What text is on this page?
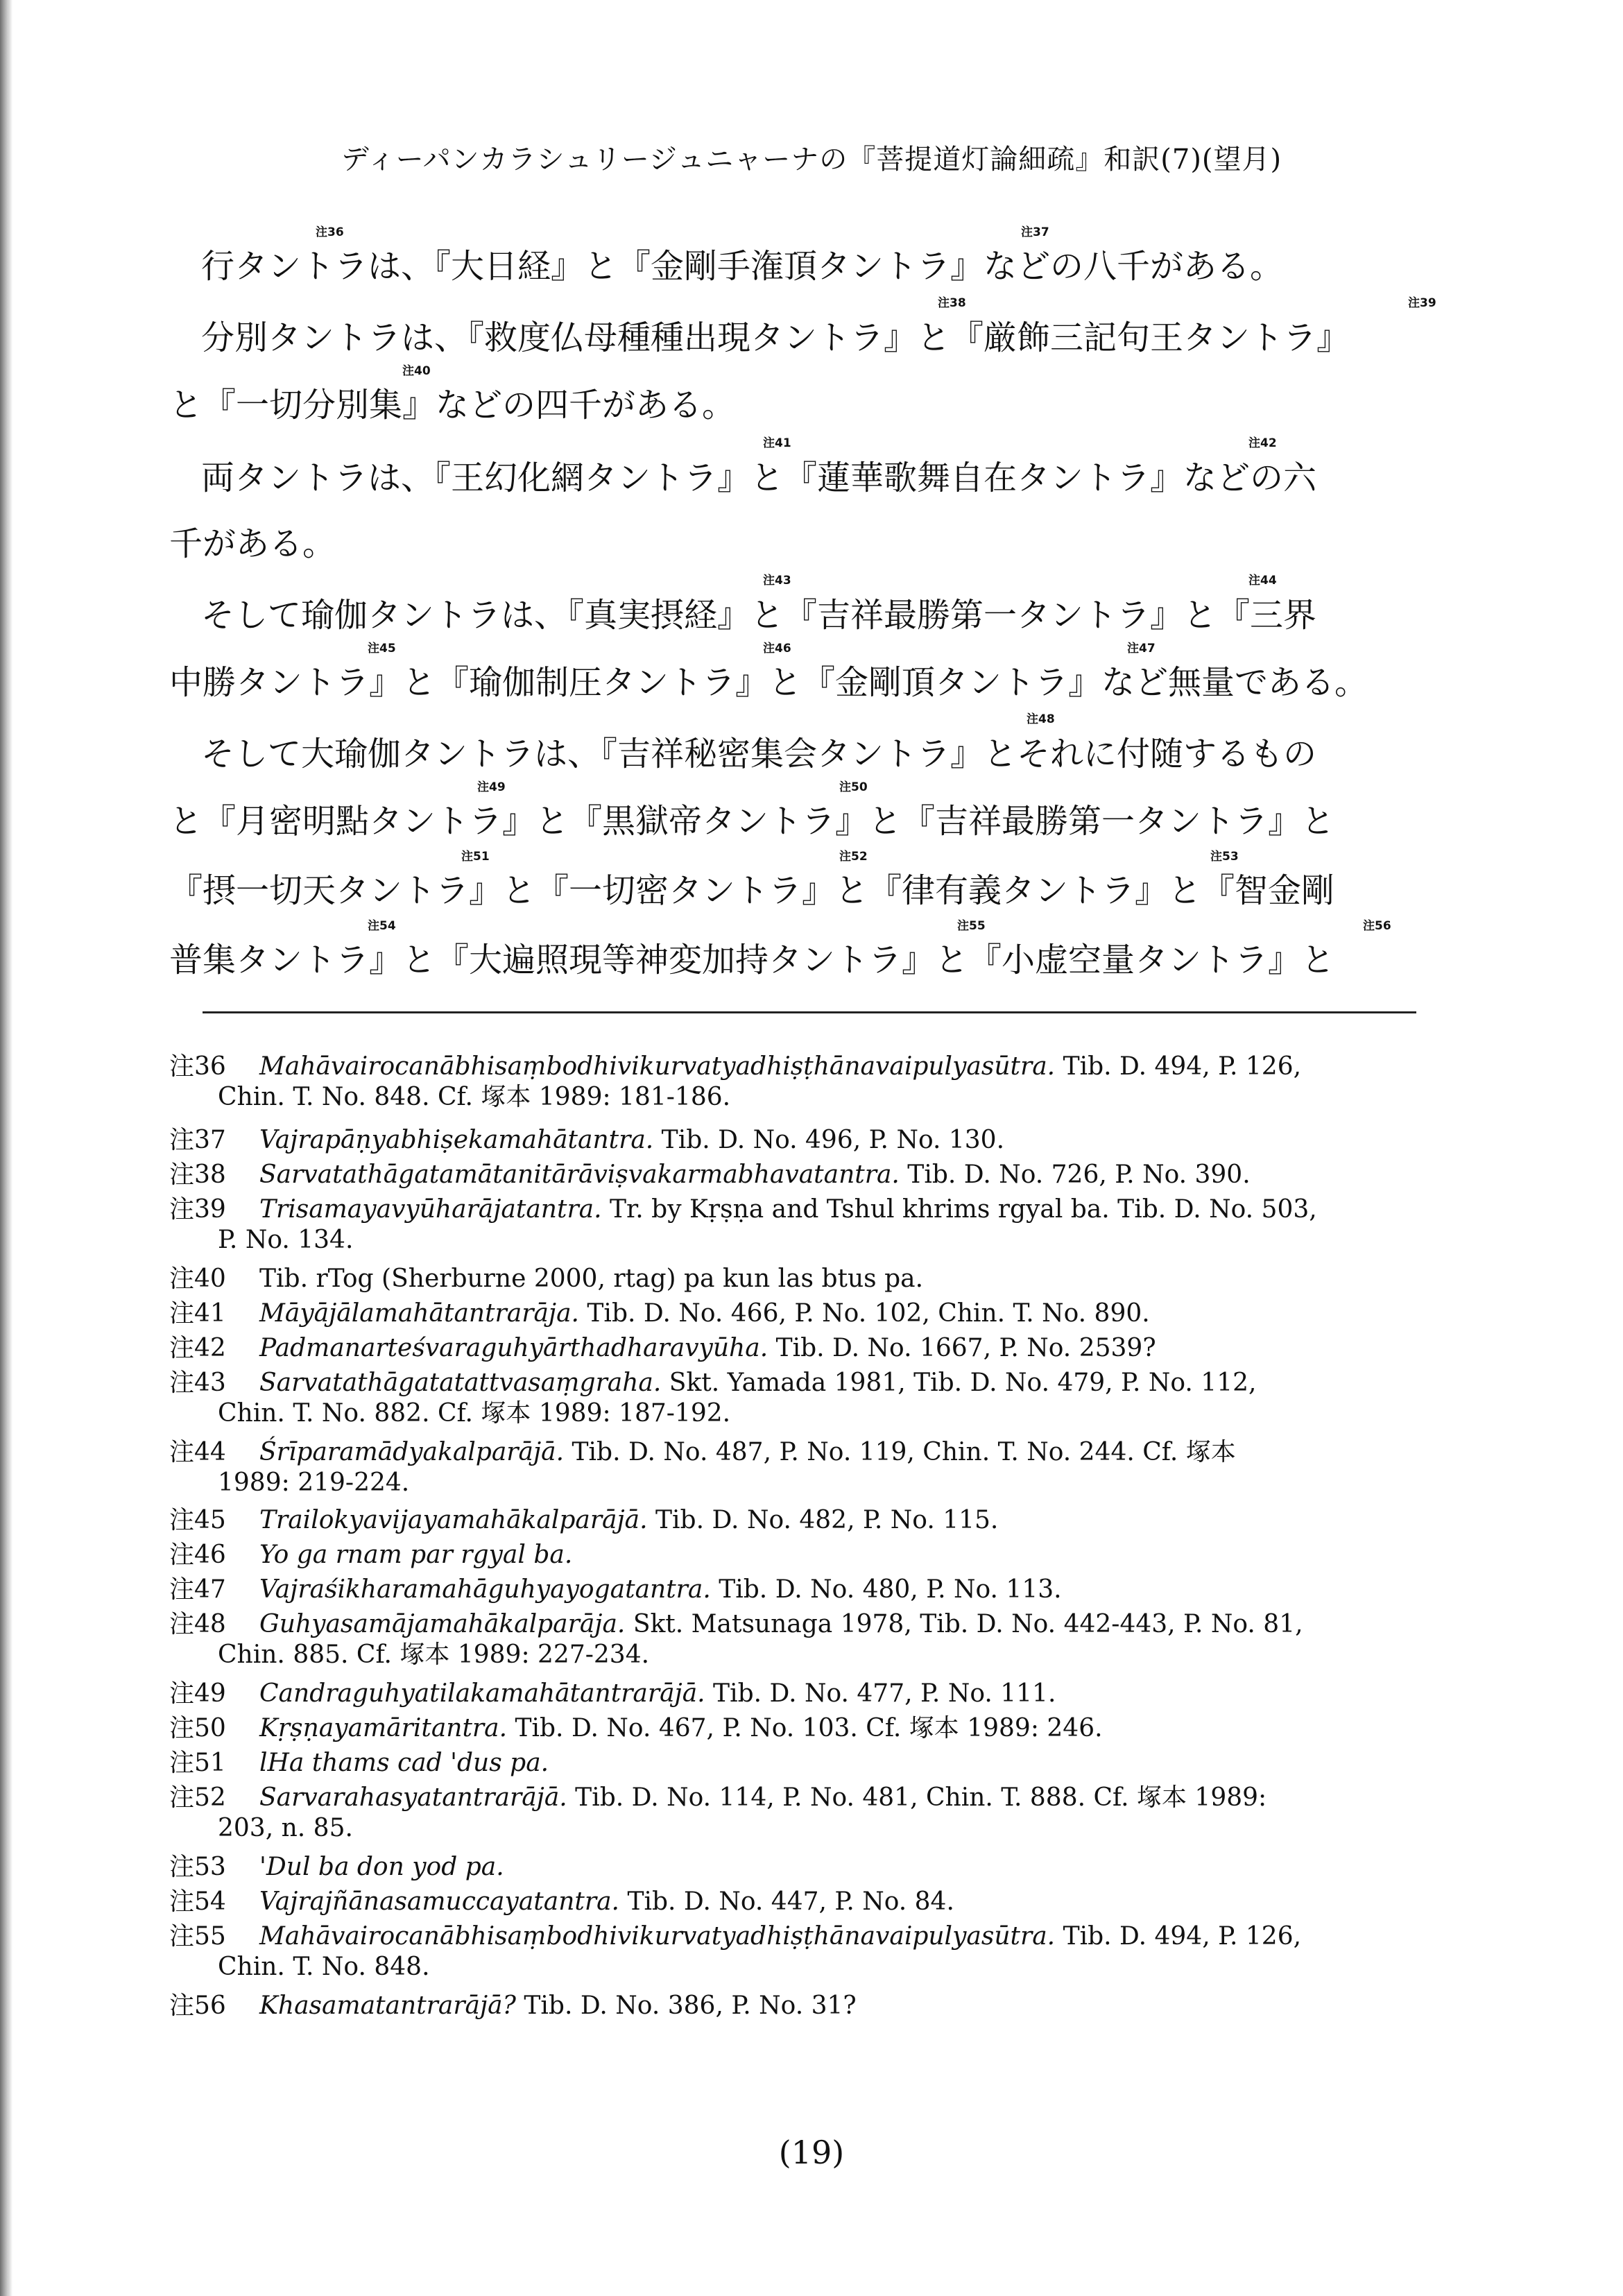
ディーパンカラシュリージュニャーナの『菩提道灯論細疏』和訳(7)(望月)
行タントラは、『大日経』と『金剛手潅頂タントラ』などの八千がある。
分別タントラは、『救度仏母種種出現タントラ』と『厳飾三記句王タントラ』
と『一切分別集』などの四千がある。
両タントラは、『王幻化網タントラ』と『蓮華歌舞自在タントラ』などの六
千がある。
そして瑜伽タントラは、『真実摂経』と『吉祥最勝第一タントラ』と『三界
中勝タントラ』と『瑜伽制圧タントラ』と『金剛頂タントラ』など無量である。
そして大瑜伽タントラは、『吉祥秘密集会タントラ』とそれに付随するもの
と『月密明點タントラ』と『黒獄帝タントラ』と『吉祥最勝第一タントラ』と
『摂一切天タントラ』と『一切密タントラ』と『律有義タントラ』と『智金剛
普集タントラ』と『大遍照現等神変加持タントラ』と『小虚空量タントラ』と
注36	注37
注38	注39
注40
注41	注42
注43	注44
注45	注46	注47
注48
注49	注50
注51	注52	注53
注54	注55	注56
注36 Mahāvairocanābhisaṃbodhivikurvatyadhiṣṭhānavaipulyasūtra. Tib. D. 494, P. 126,
Chin. T. No. 848. Cf. 塚本 1989: 181-186.
注37 Vajrapāṇyabhiṣekamahātantra. Tib. D. No. 496, P. No. 130.
注38 Sarvatathāgatamātanitārāviṣvakarmabhavatantra. Tib. D. No. 726, P. No. 390.
注39 Trisamayavyūharājatantra. Tr. by Kṛṣṇa and Tshul khrims rgyal ba. Tib. D. No. 503,
P. No. 134.
注40 Tib. rTog (Sherburne 2000, rtag) pa kun las btus pa.
注41 Māyājālamahātantrarāja. Tib. D. No. 466, P. No. 102, Chin. T. No. 890.
注42 Padmanarteśvaraguhyārthadharavyūha. Tib. D. No. 1667, P. No. 2539?
注43 Sarvatathāgatatattvasaṃgraha. Skt. Yamada 1981, Tib. D. No. 479, P. No. 112,
Chin. T. No. 882. Cf. 塚本 1989: 187-192.
注44 Śrīparamādyakalparājā. Tib. D. No. 487, P. No. 119, Chin. T. No. 244. Cf. 塚本
1989: 219-224.
注45 Trailokyavijayamahākalparājā. Tib. D. No. 482, P. No. 115.
注46 Yo ga rnam par rgyal ba.
注47 Vajraśikharamahāguhyayogatantra. Tib. D. No. 480, P. No. 113.
注48 Guhyasamājamahākalparāja. Skt. Matsunaga 1978, Tib. D. No. 442-443, P. No. 81,
Chin. 885. Cf. 塚本 1989: 227-234.
注49 Candraguhyatilakamahātantrarājā. Tib. D. No. 477, P. No. 111.
注50 Kṛṣṇayamāritantra. Tib. D. No. 467, P. No. 103. Cf. 塚本 1989: 246.
注51 lHa thams cad 'dus pa.
注52 Sarvarahasyatantrarājā. Tib. D. No. 114, P. No. 481, Chin. T. 888. Cf. 塚本 1989:
203, n. 85.
注53 'Dul ba don yod pa.
注54 Vajrajñānasamuccayatantra. Tib. D. No. 447, P. No. 84.
注55 Mahāvairocanābhisaṃbodhivikurvatyadhiṣṭhānavaipulyasūtra. Tib. D. 494, P. 126,
Chin. T. No. 848.
注56 Khasamatantrarājā? Tib. D. No. 386, P. No. 31?
(19)
